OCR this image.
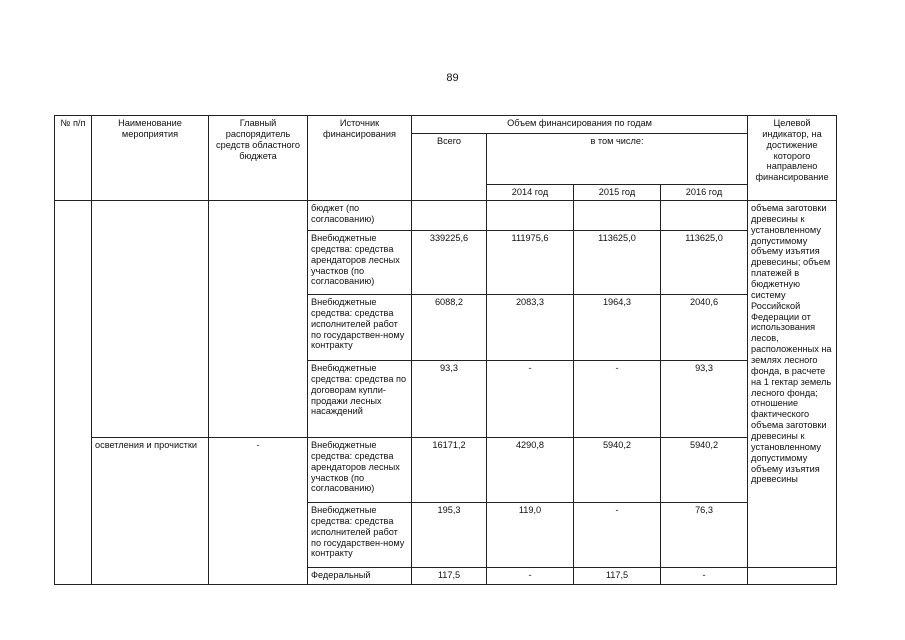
89
№ п/п	Наименование мероприятия	Главный распорядитель средств областного бюджета	Источник финансирования	Объем финансирования по годам				Целевой индикатор, на достижение которого направлено финансирование
				Всего	в том числе:			
					2014 год	2015 год	2016 год	
			бюджет (по согласованию)					объема заготовки древесины к установленному допустимому объему изъятия древесины; объем платежей в бюджетную систему Российской Федерации от использования лесов, расположенных на землях лесного фонда, в расчете на 1 гектар земель лесного фонда; отношение фактического объема заготовки древесины к установленному допустимому объему изъятия древесины
			Внебюджетные средства: средства арендаторов лесных участков (по согласованию)	339225,6	111975,6	113625,0	113625,0	
			Внебюджетные средства: средства исполнителей работ по государствен-ному контракту	6088,2	2083,3	1964,3	2040,6	
			Внебюджетные средства: средства по договорам купли-продажи лесных насаждений	93,3	-	-	93,3	
	осветления и прочистки	-	Внебюджетные средства: средства арендаторов лесных участков (по согласованию)	16171,2	4290,8	5940,2	5940,2	
			Внебюджетные средства: средства исполнителей работ по государствен-ному контракту	195,3	119,0	-	76,3	
			Федеральный	117,5	-	117,5	-	
